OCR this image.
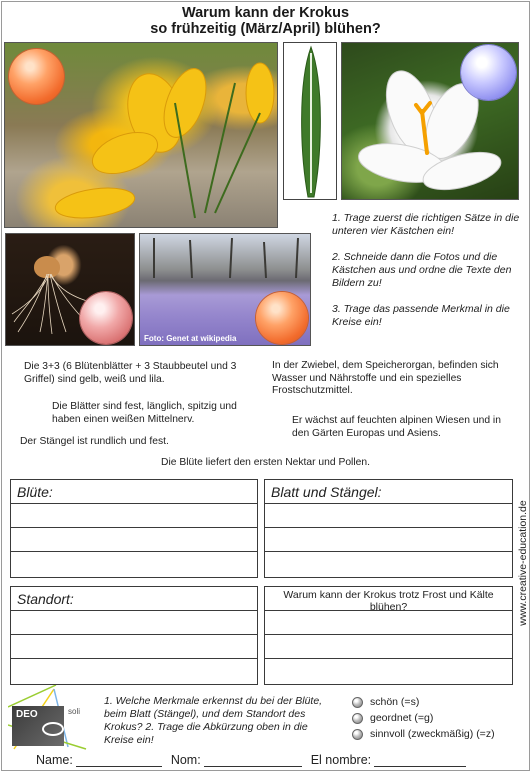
Warum kann der Krokus
so frühzeitig (März/April) blühen?
Foto: Genet at wikipedia

1. Trage zuerst die richtigen Sätze in die unteren vier Kästchen ein!

2. Schneide dann die Fotos und die Kästchen aus und ordne die Texte den Bildern zu!

3. Trage das passende Merkmal in die Kreise ein!

Die 3+3 (6 Blütenblätter + 3 Staubbeutel und 3 Griffel) sind gelb, weiß und lila.
Die Blätter sind fest, länglich, spitzig und haben einen weißen Mittelnerv.
Der Stängel ist rundlich und fest.
In der Zwiebel, dem Speicherorgan, befinden sich Wasser und Nährstoffe und ein spezielles Frostschutzmittel.
Er wächst auf feuchten alpinen Wiesen und in den Gärten Europas und Asiens.
Die Blüte liefert den ersten Nektar und Pollen.
Blüte:	Blatt und Stängel:
Standort:	Warum kann der Krokus trotz Frost und Kälte blühen?	www.creative-education.de
DEO	soli
1. Welche Merkmale erkennst du bei der Blüte, beim Blatt (Stängel), und dem Standort des Krokus? 2. Trage die Abkürzung oben in die Kreise ein!
schön (=s)
geordnet (=g)
sinnvoll (zweckmäßig) (=z)
Name:	Nom:	El nombre:
